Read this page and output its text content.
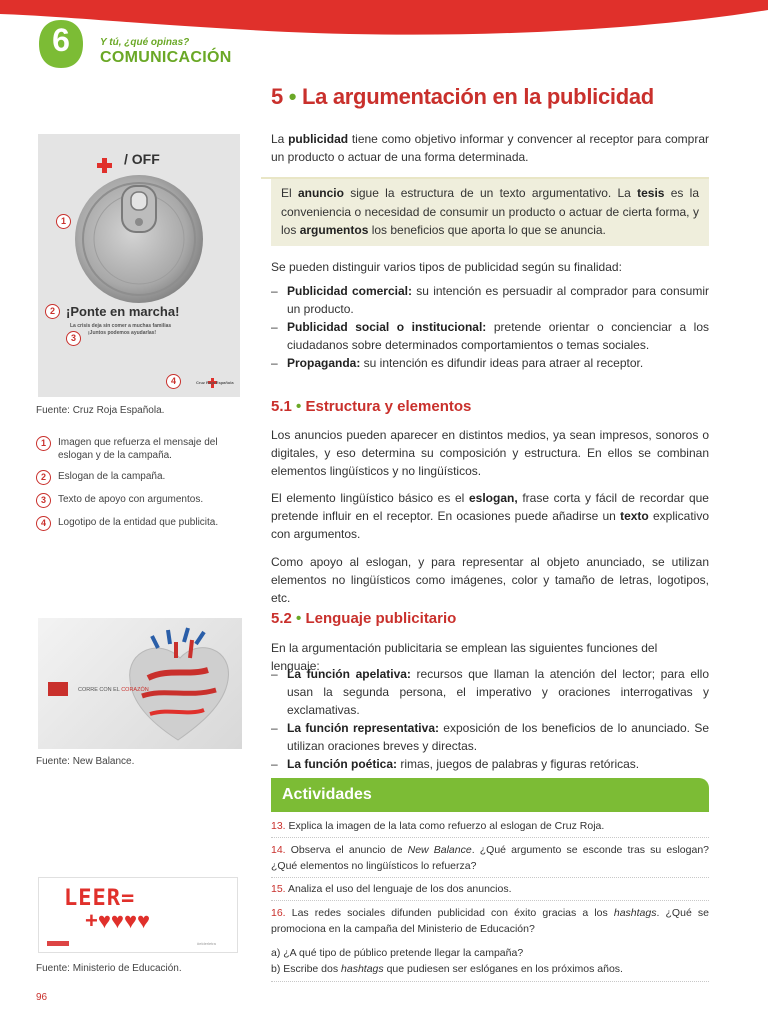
6	Y tú, ¿qué opinas?
COMUNICACIÓN
/ OFF
¡Ponte en marcha!
La crisis deja sin comer a muchas familias
¡Juntos podemos ayudarlas!
Cruz Roja Española
1
2
3
4
Fuente: Cruz Roja Española.
1	Imagen que refuerza el mensaje del eslogan y de la campaña.
2	Eslogan de la campaña.
3	Texto de apoyo con argumentos.
4	Logotipo de la entidad que publicita.
CORRE CON EL CORAZÓN
Fuente: New Balance.
LEER=
+♥♥♥♥
#elderletra
Fuente: Ministerio de Educación.
5 • La argumentación en la publicidad
La publicidad tiene como objetivo informar y convencer al receptor para comprar un producto o actuar de una forma determinada.
El anuncio sigue la estructura de un texto argumentativo. La tesis es la conveniencia o necesidad de consumir un producto o actuar de cierta forma, y los argumentos los beneficios que aporta lo que se anuncia.
Se pueden distinguir varios tipos de publicidad según su finalidad:
– Publicidad comercial: su intención es persuadir al comprador para consumir un producto.
– Publicidad social o institucional: pretende orientar o concienciar a los ciudadanos sobre determinados comportamientos o temas sociales.
– Propaganda: su intención es difundir ideas para atraer al receptor.
5.1 • Estructura y elementos
Los anuncios pueden aparecer en distintos medios, ya sean impresos, sonoros o digitales, y eso determina su composición y estructura. En ellos se combinan elementos lingüísticos y no lingüísticos.
El elemento lingüístico básico es el eslogan, frase corta y fácil de recordar que pretende influir en el receptor. En ocasiones puede añadirse un texto explicativo con argumentos.
Como apoyo al eslogan, y para representar al objeto anunciado, se utilizan elementos no lingüísticos como imágenes, color y tamaño de letras, logotipos, etc.
5.2 • Lenguaje publicitario
En la argumentación publicitaria se emplean las siguientes funciones del lenguaje:
– La función apelativa: recursos que llaman la atención del lector; para ello usan la segunda persona, el imperativo y oraciones interrogativas y exclamativas.
– La función representativa: exposición de los beneficios de lo anunciado. Se utilizan oraciones breves y directas.
– La función poética: rimas, juegos de palabras y figuras retóricas.
Actividades
13. Explica la imagen de la lata como refuerzo al eslogan de Cruz Roja.
14. Observa el anuncio de New Balance. ¿Qué argumento se esconde tras su eslogan? ¿Qué elementos no lingüísticos lo refuerza?
15. Analiza el uso del lenguaje de los dos anuncios.
16. Las redes sociales difunden publicidad con éxito gracias a los hashtags. ¿Qué se promociona en la campaña del Ministerio de Educación?
a) ¿A qué tipo de público pretende llegar la campaña?
b) Escribe dos hashtags que pudiesen ser eslóganes en los próximos años.
96
